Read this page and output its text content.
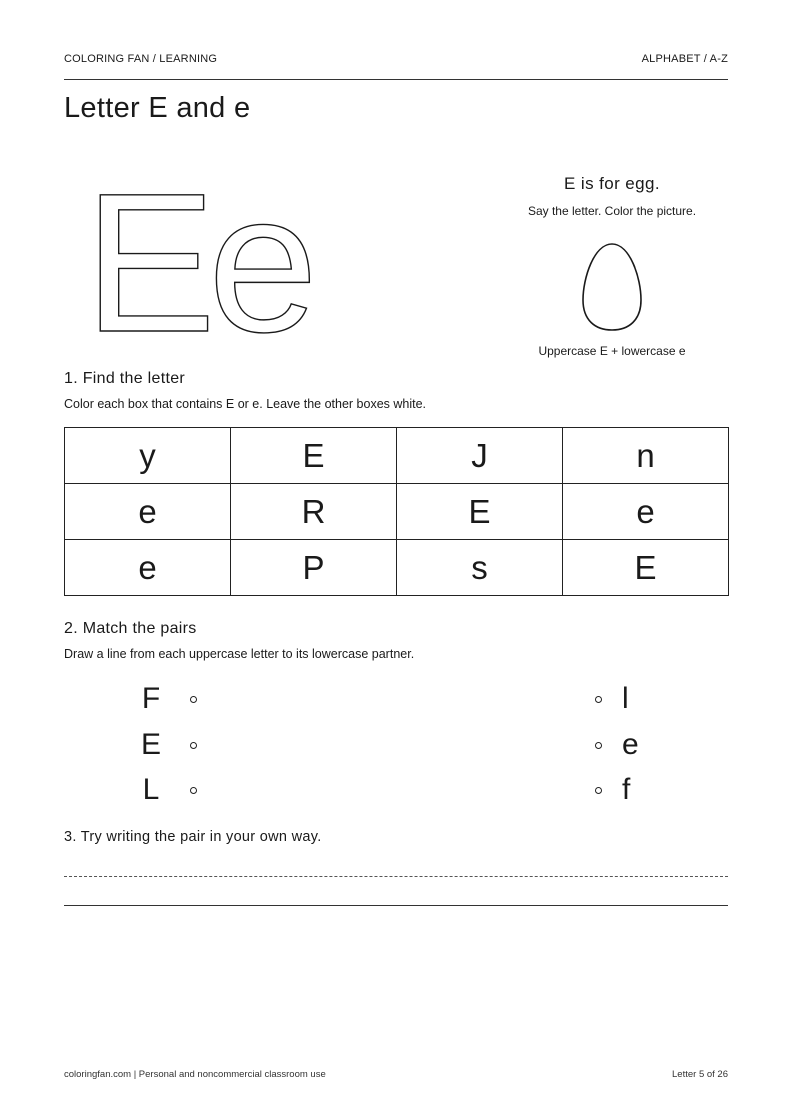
COLORING FAN / LEARNING	ALPHABET / A-Z
Letter E and e
E
e	E is for egg.
Say the letter. Color the picture.
Uppercase E + lowercase e
1. Find the letter
Color each box that contains E or e. Leave the other boxes white.
y	E	J	n
e	R	E	e
e	P	s	E
2. Match the pairs
Draw a line from each uppercase letter to its lowercase partner.
F
E
L
l
e
f
3. Try writing the pair in your own way.
coloringfan.com | Personal and noncommercial classroom use	Letter 5 of 26
